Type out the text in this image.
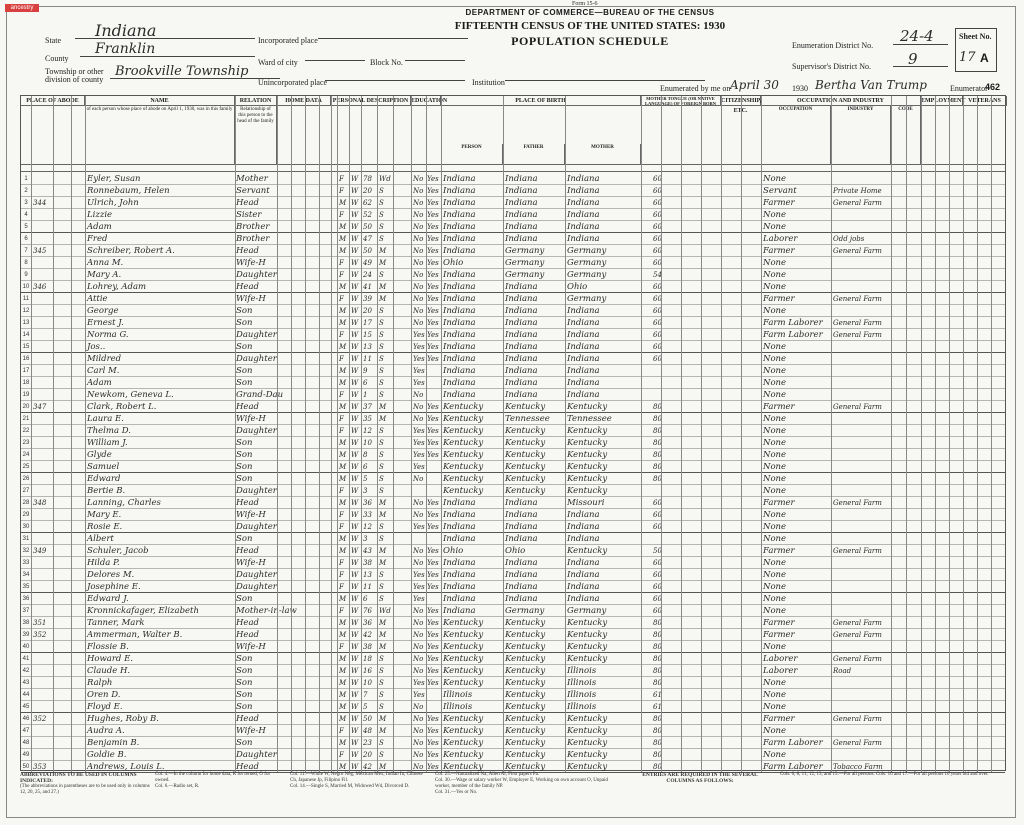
ancestry
Form 15-6
DEPARTMENT OF COMMERCE—BUREAU OF THE CENSUS
FIFTEENTH CENSUS OF THE UNITED STATES: 1930
POPULATION SCHEDULE
State
Indiana
County
Franklin
Township or other division of county
Brookville Township
Incorporated place
Ward of city	Block No.
Unincorporated place	Institution
Enumeration District No.
24-4
Supervisor's District No. 9
Sheet No.
17 A
Enumerated by me on April 30 1930 Bertha Van Trump	Enumerator
462
PLACE OF ABODE	NAME	RELATION	HOME DATA	PERSONAL DESCRIPTION EDUCATION	PLACE OF BIRTH	MOTHER TONGUE (OR NATIVE LANGUAGE) OF FOREIGN BORN CITIZENSHIP, ETC.
OCCUPATION AND INDUSTRY	EMPLOYMENT VETERANS
of each person whose place of abode on April 1, 1930, was in this family	Relationship of this person to the head of the family
PERSON	FATHER	MOTHER
OCCUPATION	INDUSTRY	CODE
1	Eyler, Susan	Mother	F	W 78	Wd	No Yes Indiana	Indiana	Indiana	60	None
2	Ronnebaum, Helen	Servant	F	W 20	S	No Yes Indiana	Indiana	Indiana	60	Servant	Private Home
3 344	Ulrich, John	Head	M W 62	S	No Yes Indiana	Indiana	Indiana	60	Farmer	General Farm
4	Lizzie	Sister	F	W 52	S	No Yes Indiana	Indiana	Indiana	60	None
5	Adam	Brother	M W 50	S	No Yes Indiana	Indiana	Indiana	60	None
6	Fred	Brother	M W 47	S	No Yes Indiana	Indiana	Indiana	60	Laborer	Odd jobs
7 345	Schreiber, Robert A.	Head	M W 50	M	No Yes Indiana	Germany	Germany	60	Farmer	General Farm
8	Anna M.	Wife-H	F	W 49	M	No Yes Ohio	Germany	Germany	60	None
9	Mary A.	Daughter	F	W 24	S	No Yes Indiana	Germany	Germany	54	None
10 346	Lohrey, Adam	Head	M W 41	M	No Yes Indiana	Indiana	Ohio	60	None
11	Attie	Wife-H	F	W 39	M	No Yes Indiana	Indiana	Germany	60	Farmer	General Farm
12	George	Son	M W 20	S	No Yes Indiana	Indiana	Indiana	60	None
13	Ernest J.	Son	M W 17	S	No Yes Indiana	Indiana	Indiana	60	Farm Laborer	General Farm
14	Norma G.	Daughter	F	W 15	S	Yes Yes Indiana	Indiana	Indiana	60	Farm Laborer	General Farm
15	Jos..	Son	M W 13	S	Yes Yes Indiana	Indiana	Indiana	60	None
16	Mildred	Daughter	F	W 11	S	Yes Yes Indiana	Indiana	Indiana	60	None
17	Carl M.	Son	M W 9	S	Yes Indiana	Indiana	Indiana	None
18	Adam	Son	M W 6	S	Yes Indiana	Indiana	Indiana	None
19	Newkom, Geneva L.	Grand-Dau	F	W 1	S	No	Indiana	Indiana	Indiana	None
20 347	Clark, Robert L.	Head	M W 37	M	No Yes Kentucky	Kentucky	Kentucky	80	Farmer	General Farm
21	Laura E.	Wife-H	F	W 35	M	No Yes Kentucky	Tennessee	Tennessee	80	None
22	Thelma D.	Daughter	F	W 12	S	Yes Yes Kentucky	Kentucky	Kentucky	80	None
23	William J.	Son	M W 10	S	Yes Yes Kentucky	Kentucky	Kentucky	80	None
24	Glyde	Son	M W 8	S	Yes Yes Kentucky	Kentucky	Kentucky	80	None
25	Samuel	Son	M W 6	S	Yes Kentucky	Kentucky	Kentucky	80	None
26	Edward	Son	M W 5	S	No	Kentucky	Kentucky	Kentucky	80	None
27	Bertie B.	Daughter	F	W 3	S	Kentucky	Kentucky	Kentucky	None
28 348	Lanning, Charles	Head	M W 36	M	No Yes Indiana	Indiana	Missouri	60	Farmer	General Farm
29	Mary E.	Wife-H	F	W 33	M	No Yes Indiana	Indiana	Indiana	60	None
30	Rosie E.	Daughter	F	W 12	S	Yes Yes Indiana	Indiana	Indiana	60	None
31	Albert	Son	M W 3	S	Indiana	Indiana	Indiana	None
32 349	Schuler, Jacob	Head	M W 43	M	No Yes Ohio	Ohio	Kentucky	50	Farmer	General Farm
33	Hilda P.	Wife-H	F	W 38	M	No Yes Indiana	Indiana	Indiana	60	None
34	Delores M.	Daughter	F	W 13	S	Yes Yes Indiana	Indiana	Indiana	60	None
35	Josephine E.	Daughter	F	W 11	S	Yes Yes Indiana	Indiana	Indiana	60	None
36	Edward J.	Son	M W 6	S	Yes Indiana	Indiana	Indiana	60	None
37	Kronnickafager, Elizabeth	Mother-in-law	F	W 76	Wd	No Yes Indiana	Germany	Germany	60	None
38 351	Tanner, Mark	Head	M W 36	M	No Yes Kentucky	Kentucky	Kentucky	80	Farmer	General Farm
39 352	Ammerman, Walter B.	Head	M W 42	M	No Yes Kentucky	Kentucky	Kentucky	80	Farmer	General Farm
40	Flossie B.	Wife-H	F	W 38	M	No Yes Kentucky	Kentucky	Kentucky	80	None
41	Howard E.	Son	M W 18	S	No Yes Kentucky	Kentucky	Kentucky	80	Laborer	General Farm
42	Claude H.	Son	M W 16	S	No Yes Kentucky	Kentucky	Illinois	80	Laborer	Road
43	Ralph	Son	M W 10	S	Yes Yes Kentucky	Kentucky	Illinois	80	None
44	Oren D.	Son	M W 7	S	Yes Illinois	Kentucky	Illinois	61	None
45	Floyd E.	Son	M W 5	S	No	Illinois	Kentucky	Illinois	61	None
46 352	Hughes, Roby B.	Head	M W 50	M	No Yes Kentucky	Kentucky	Kentucky	80	Farmer	General Farm
47	Audra A.	Wife-H	F	W 48	M	No Yes Kentucky	Kentucky	Kentucky	80	None
48	Benjamin B.	Son	M W 23	S	No Yes Kentucky	Kentucky	Kentucky	80	Farm Laborer	General Farm
49	Goldie B.	Daughter	F	W 20	S	No Yes Kentucky	Kentucky	Kentucky	80	None
50 353	Andrews, Louis L.	Head	M W 42	M	No Yes Kentucky	Kentucky	Kentucky	80	Farm Laborer	Tobacco Farm
ABBREVIATIONS TO BE USED IN COLUMNS INDICATED:
(The abbreviations in parentheses are to be used only in columns 12, 20, 25, and 27.)
Col. 4.—In the column for home data, R for rented, O for owned.
Col. 6.—Radio set, R.
Col. 11.—White W, Negro Neg, Mexican Mex, Indian In, Chinese Ch, Japanese Jp, Filipino Fil.
Col. 14.—Single S, Married M, Widowed Wd, Divorced D.
Col. 25.—Naturalized Na, Alien Al, First papers Pa.
Col. 30.—Wage or salary worker W, Employer E, Working on own account O, Unpaid worker, member of the family NP.
Col. 31.—Yes or No.
ENTRIES ARE REQUIRED IN THE SEVERAL COLUMNS AS FOLLOWS:
Cols. 6, 8, 11, 12, 13, and 15.—For all persons. Cols. 16 and 17.—For all persons 10 years old and over.
